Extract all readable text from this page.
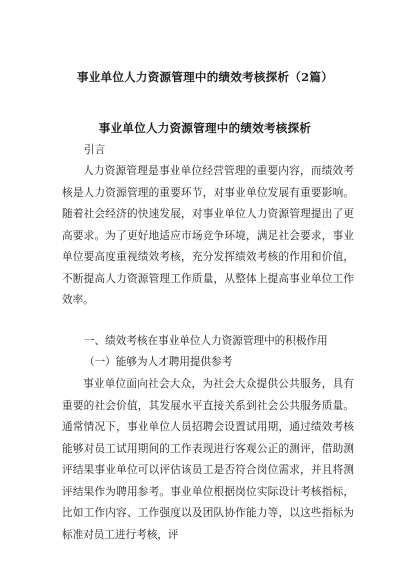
事业单位人力资源管理中的绩效考核探析（2篇）
事业单位人力资源管理中的绩效考核探析
引言
人力资源管理是事业单位经营管理的重要内容，而绩效考核是人力资源管理的重要环节，对事业单位发展有重要影响。随着社会经济的快速发展，对事业单位人力资源管理提出了更高要求。为了更好地适应市场竞争环境，满足社会要求，事业单位要高度重视绩效考核，充分发挥绩效考核的作用和价值，不断提高人力资源管理工作质量，从整体上提高事业单位工作效率。
一、绩效考核在事业单位人力资源管理中的积极作用
（一）能够为人才聘用提供参考
事业单位面向社会大众，为社会大众提供公共服务，具有重要的社会价值，其发展水平直接关系到社会公共服务质量。通常情况下，事业单位人员招聘会设置试用期，通过绩效考核能够对员工试用期间的工作表现进行客观公正的测评，借助测评结果事业单位可以评估该员工是否符合岗位需求，并且将测评结果作为聘用参考。事业单位根据岗位实际设计考核指标，比如工作内容、工作强度以及团队协作能力等，以这些指标为标准对员工进行考核，评
